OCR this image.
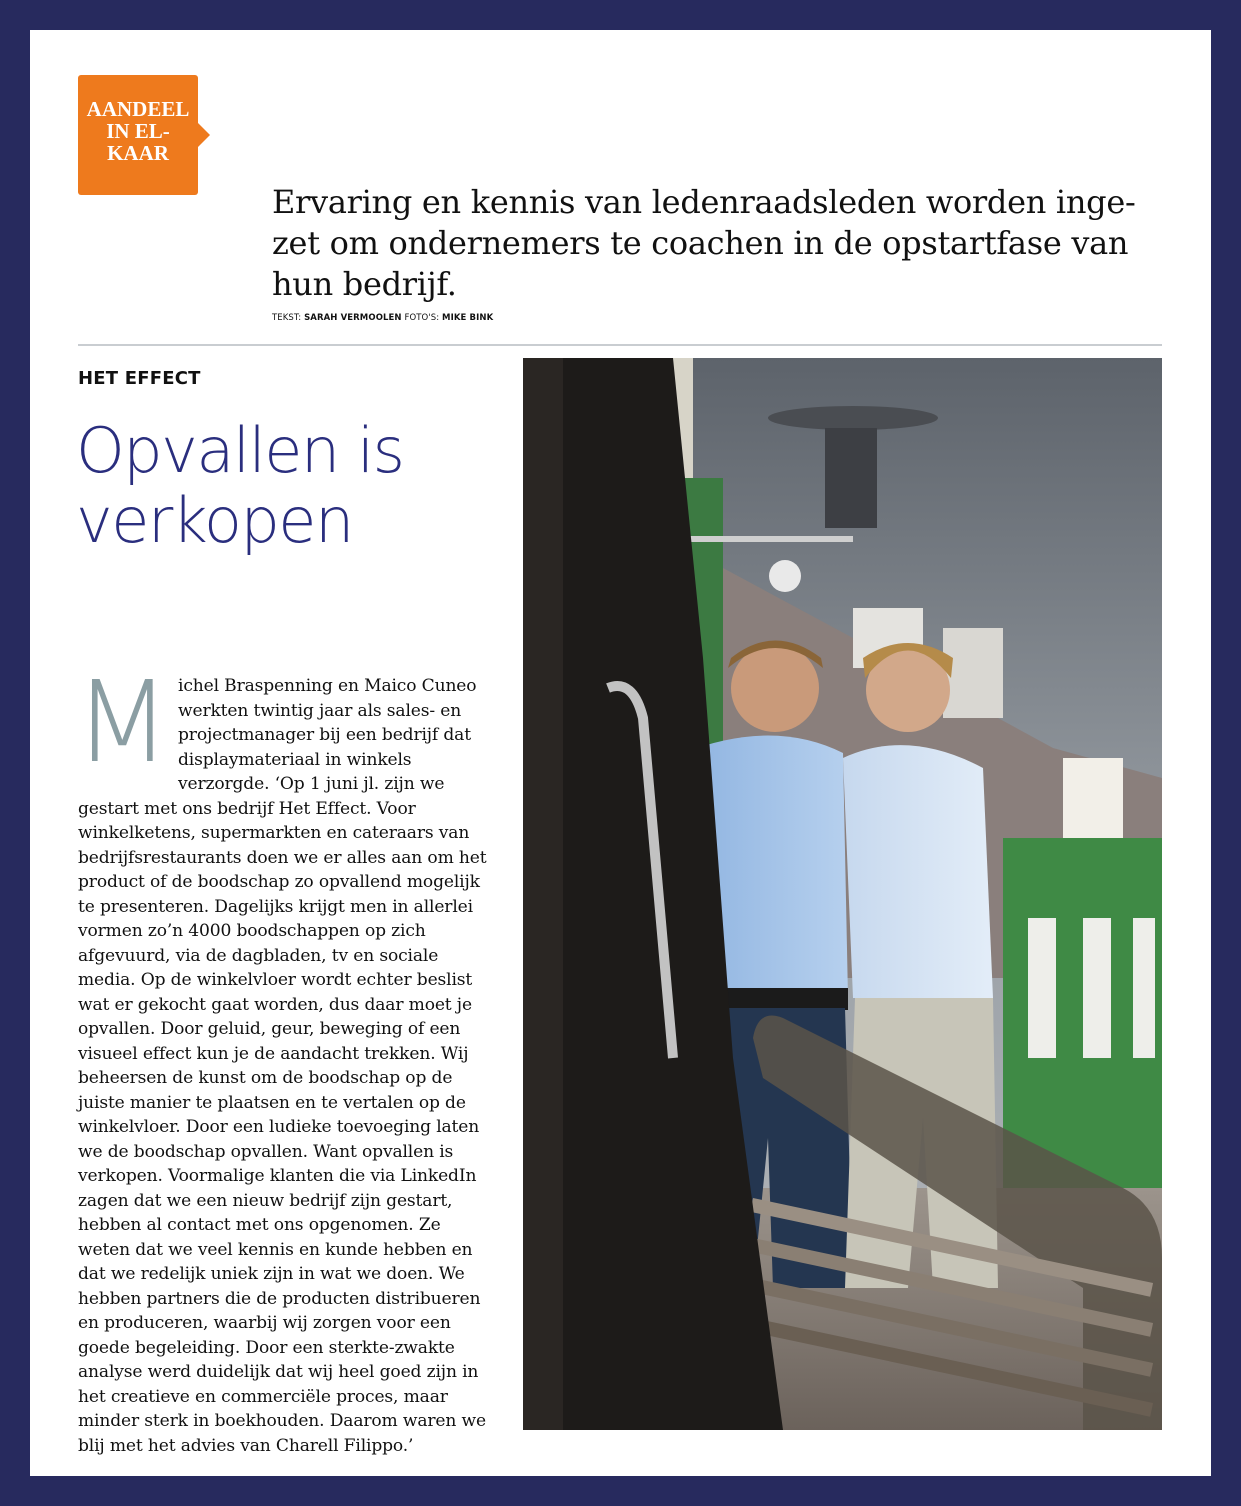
AANDEEL
IN EL-
KAAR

Ervaring en kennis van ledenraadsleden worden inge-zet om ondernemers te coachen in de opstartfase van hun bedrijf.

TEKST: SARAH VERMOOLEN FOTO'S: MIKE BINK
HET EFFECT
Opvallen is verkopen

M ichel Braspenning en Maico Cuneo werkten twintig jaar als sales- en projectmanager bij een bedrijf dat displaymateriaal in winkels verzorgde. ‘Op 1 juni jl. zijn we gestart met ons bedrijf Het Effect. Voor winkelketens, supermarkten en cateraars van bedrijfsrestaurants doen we er alles aan om het product of de boodschap zo opvallend mogelijk te presenteren. Dagelijks krijgt men in allerlei vormen zo’n 4000 boodschappen op zich afgevuurd, via de dagbladen, tv en sociale media. Op de winkelvloer wordt echter beslist wat er gekocht gaat worden, dus daar moet je opvallen. Door geluid, geur, beweging of een visueel effect kun je de aandacht trekken. Wij beheersen de kunst om de boodschap op de juiste manier te plaatsen en te vertalen op de winkelvloer. Door een ludieke toevoeging laten we de boodschap opvallen. Want opvallen is verkopen. Voormalige klanten die via LinkedIn zagen dat we een nieuw bedrijf zijn gestart, hebben al contact met ons opgenomen. Ze weten dat we veel kennis en kunde hebben en dat we redelijk uniek zijn in wat we doen. We hebben partners die de producten distribueren en produceren, waarbij wij zorgen voor een goede begeleiding. Door een sterkte-zwakte analyse werd duidelijk dat wij heel goed zijn in het creatieve en commerciële proces, maar minder sterk in boekhouden. Daarom waren we blij met het advies van Charell Filippo.’
